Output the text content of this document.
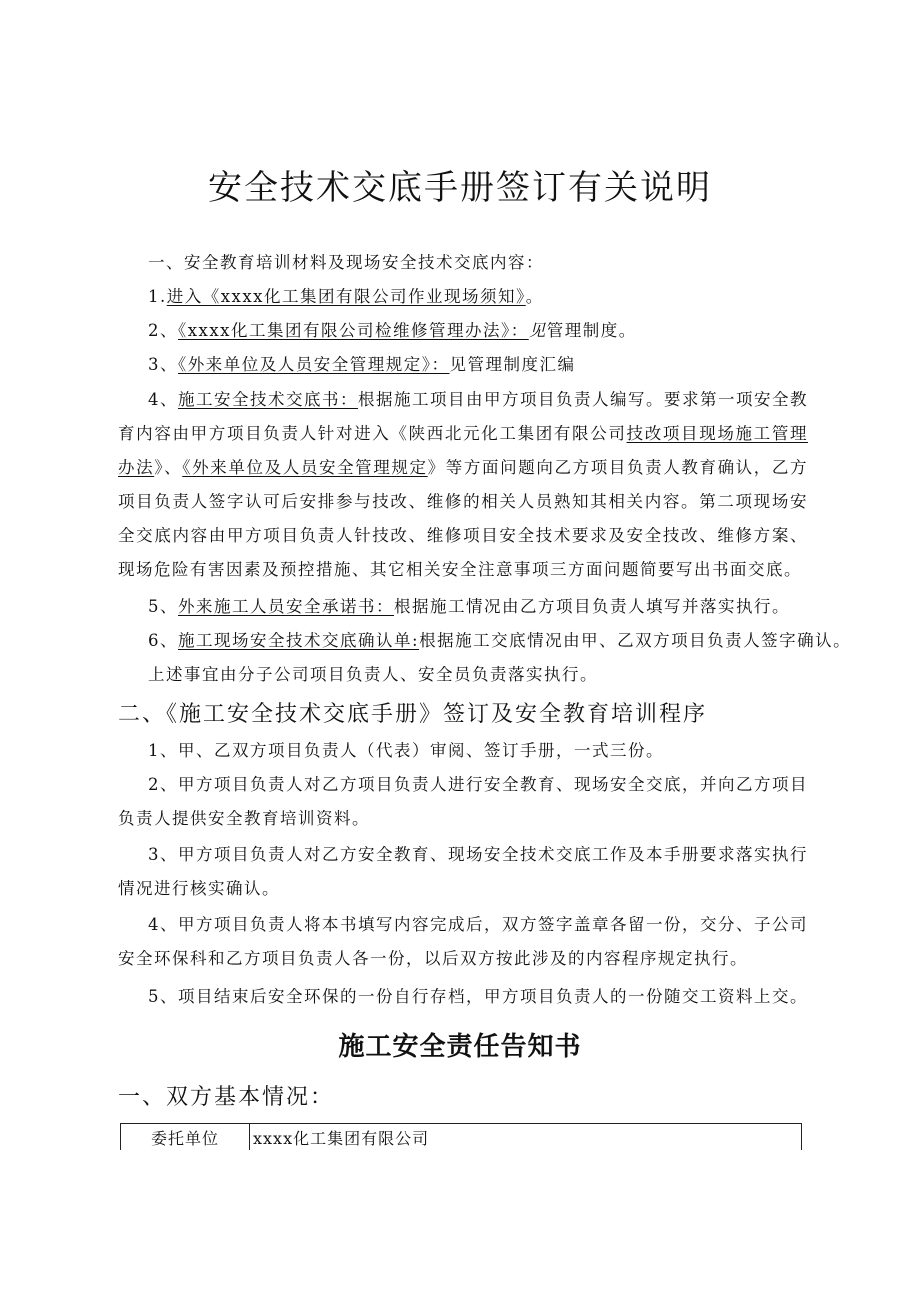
安全技术交底手册签订有关说明
一、安全教育培训材料及现场安全技术交底内容：
1.进入《xxxx化工集团有限公司作业现场须知》。
2、《xxxx化工集团有限公司检维修管理办法》：见管理制度。
3、《外来单位及人员安全管理规定》：见管理制度汇编
4、施工安全技术交底书：根据施工项目由甲方项目负责人编写。要求第一项安全教育内容由甲方项目负责人针对进入《陕西北元化工集团有限公司技改项目现场施工管理办法》、《外来单位及人员安全管理规定》等方面问题向乙方项目负责人教育确认，乙方项目负责人签字认可后安排参与技改、维修的相关人员熟知其相关内容。第二项现场安全交底内容由甲方项目负责人针技改、维修项目安全技术要求及安全技改、维修方案、现场危险有害因素及预控措施、其它相关安全注意事项三方面问题简要写出书面交底。
5、外来施工人员安全承诺书：根据施工情况由乙方项目负责人填写并落实执行。
6、施工现场安全技术交底确认单:根据施工交底情况由甲、乙双方项目负责人签字确认。
上述事宜由分子公司项目负责人、安全员负责落实执行。
二、《施工安全技术交底手册》签订及安全教育培训程序
1、甲、乙双方项目负责人（代表）审阅、签订手册，一式三份。
2、甲方项目负责人对乙方项目负责人进行安全教育、现场安全交底，并向乙方项目负责人提供安全教育培训资料。
3、甲方项目负责人对乙方安全教育、现场安全技术交底工作及本手册要求落实执行情况进行核实确认。
4、甲方项目负责人将本书填写内容完成后，双方签字盖章各留一份，交分、子公司安全环保科和乙方项目负责人各一份，以后双方按此涉及的内容程序规定执行。
5、项目结束后安全环保的一份自行存档，甲方项目负责人的一份随交工资料上交。
施工安全责任告知书
一、双方基本情况：
委托单位	xxxx化工集团有限公司
